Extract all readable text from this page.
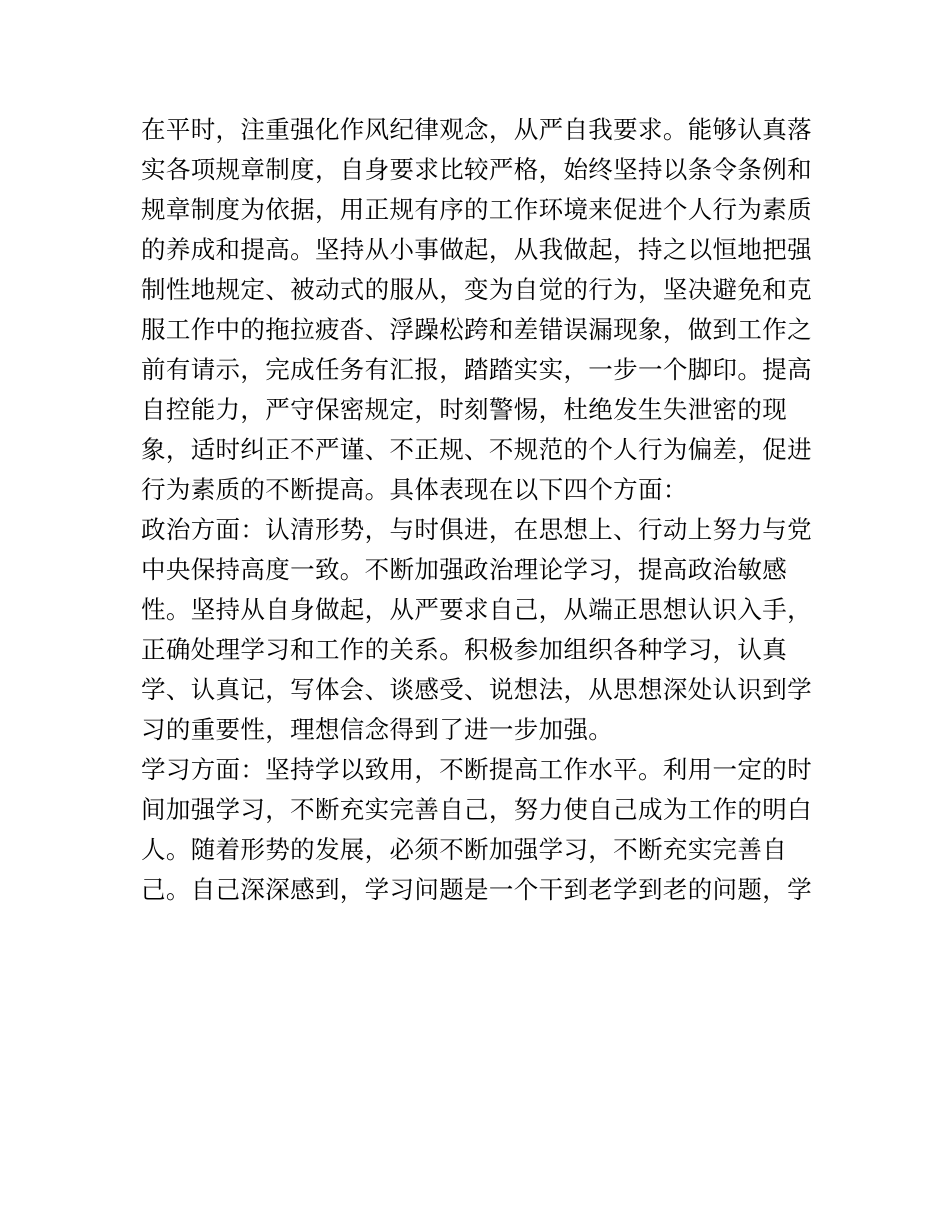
在平时，注重强化作风纪律观念，从严自我要求。能够认真落
实各项规章制度，自身要求比较严格，始终坚持以条令条例和
规章制度为依据，用正规有序的工作环境来促进个人行为素质
的养成和提高。坚持从小事做起，从我做起，持之以恒地把强
制性地规定、被动式的服从，变为自觉的行为，坚决避免和克
服工作中的拖拉疲沓、浮躁松跨和差错误漏现象，做到工作之
前有请示，完成任务有汇报，踏踏实实，一步一个脚印。提高
自控能力，严守保密规定，时刻警惕，杜绝发生失泄密的现
象，适时纠正不严谨、不正规、不规范的个人行为偏差，促进
行为素质的不断提高。具体表现在以下四个方面：
政治方面：认清形势，与时俱进，在思想上、行动上努力与党
中央保持高度一致。不断加强政治理论学习，提高政治敏感
性。坚持从自身做起，从严要求自己，从端正思想认识入手，
正确处理学习和工作的关系。积极参加组织各种学习，认真
学、认真记，写体会、谈感受、说想法，从思想深处认识到学
习的重要性，理想信念得到了进一步加强。
学习方面：坚持学以致用，不断提高工作水平。利用一定的时
间加强学习，不断充实完善自己，努力使自己成为工作的明白
人。随着形势的发展，必须不断加强学习，不断充实完善自
己。自己深深感到，学习问题是一个干到老学到老的问题，学
